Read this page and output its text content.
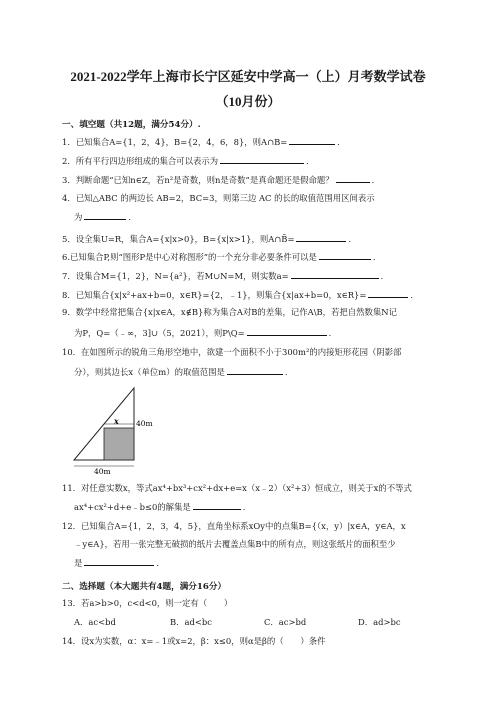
2021-2022学年上海市长宁区延安中学高一（上）月考数学试卷
（10月份）
一、填空题（共12题，满分54分）.
1．已知集合A={1，2，4}，B={2，4，6，8}，则A∩B=	．
2．所有平行四边形组成的集合可以表示为	．
3．判断命题“已知n∈Z，若n²是奇数，则n是奇数”是真命题还是假命题？	．
4．已知△ABC 的两边长 AB=2，BC=3，则第三边 AC 的长的取值范围用区间表示
为	．
5．设全集U=R，集合A={x|x>0}，B={x|x>1}，则A∩B̄=	．
6.已知集合P,则“图形P是中心对称图形”的一个充分非必要条件可以是	．
7．设集合M={1，2}，N={a²}，若M∪N=M，则实数a=	．
8．已知集合{x|x²+ax+b=0，x∈R}={2，﹣1}，则集合{x|ax+b=0，x∈R}=	．
9．数学中经常把集合{x|x∈A，x∉B}称为集合A对B的差集，记作A\B，若把自然数集N记
为P，Q=（﹣∞，3]∪（5，2021），则P\Q=	．
10．在如图所示的锐角三角形空地中，欲建一个面积不小于300m²的内接矩形花园（阴影部
分），则其边长x（单位m）的取值范围是	．
x 40m
40m
11．对任意实数x，等式ax⁴+bx³+cx²+dx+e=x（x﹣2）（x²+3）恒成立，则关于x的不等式
ax⁴+cx²+d+e﹣b≤0的解集是	．
12．已知集合A={1，2，3，4，5}，直角坐标系xOy中的点集B={（x，y）|x∈A，y∈A，x
﹣y∈A}，若用一张完整无破损的纸片去覆盖点集B中的所有点，则这张纸片的面积至少
是	．
二、选择题（本大题共有4题，满分16分）
13．若a>b>0，c<d<0，则一定有（　　）
A．ac<bd	B．ad<bc	C．ac>bd	D．ad>bc
14．设x为实数，α：x=﹣1或x=2，β：x≤0，则α是β的（　　）条件
